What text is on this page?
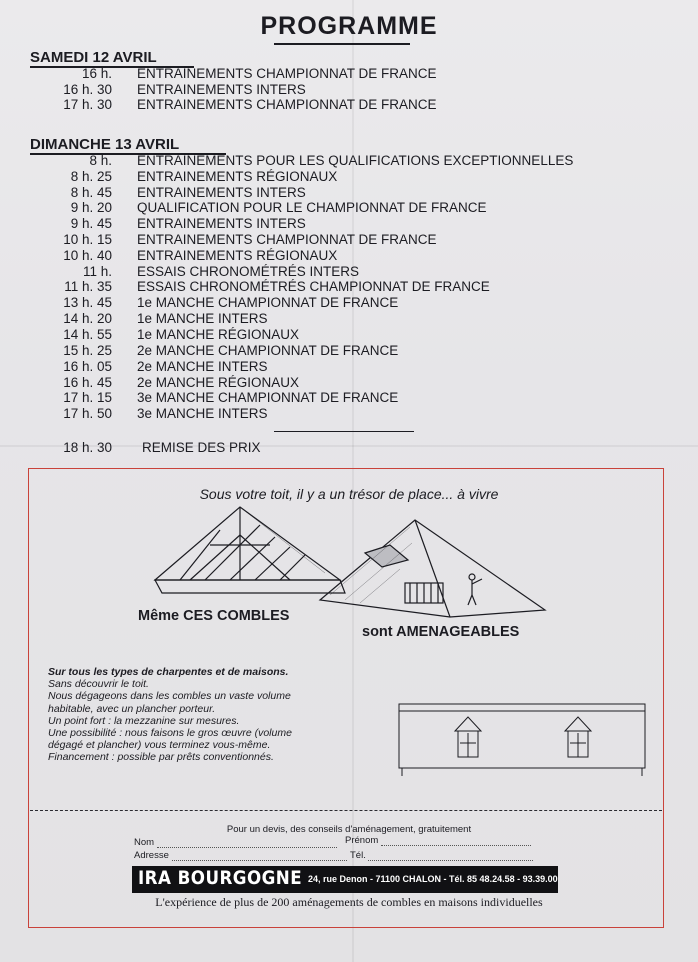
PROGRAMME
SAMEDI 12 AVRIL
16 h. ENTRAINEMENTS CHAMPIONNAT DE FRANCE
16 h. 30 ENTRAINEMENTS INTERS
17 h. 30 ENTRAINEMENTS CHAMPIONNAT DE FRANCE
DIMANCHE 13 AVRIL
8 h. ENTRAINEMENTS POUR LES QUALIFICATIONS EXCEPTIONNELLES
8 h. 25 ENTRAINEMENTS RÉGIONAUX
8 h. 45 ENTRAINEMENTS INTERS
9 h. 20 QUALIFICATION POUR LE CHAMPIONNAT DE FRANCE
9 h. 45 ENTRAINEMENTS INTERS
10 h. 15 ENTRAINEMENTS CHAMPIONNAT DE FRANCE
10 h. 40 ENTRAINEMENTS RÉGIONAUX
11 h. ESSAIS CHRONOMÉTRÉS INTERS
11 h. 35 ESSAIS CHRONOMÉTRÉS CHAMPIONNAT DE FRANCE
13 h. 45 1e MANCHE CHAMPIONNAT DE FRANCE
14 h. 20 1e MANCHE INTERS
14 h. 55 1e MANCHE RÉGIONAUX
15 h. 25 2e MANCHE CHAMPIONNAT DE FRANCE
16 h. 05 2e MANCHE INTERS
16 h. 45 2e MANCHE RÉGIONAUX
17 h. 15 3e MANCHE CHAMPIONNAT DE FRANCE
17 h. 50 3e MANCHE INTERS
18 h. 30 REMISE DES PRIX
Sous votre toit, il y a un trésor de place... à vivre
Même CES COMBLES
sont AMENAGEABLES
Sur tous les types de charpentes et de maisons.
Sans découvrir le toit.
Nous dégageons dans les combles un vaste volume
habitable, avec un plancher porteur.
Un point fort : la mezzanine sur mesures.
Une possibilité : nous faisons le gros œuvre (volume
dégagé et plancher) vous terminez vous-même.
Financement : possible par prêts conventionnés.
Pour un devis, des conseils d'aménagement, gratuitement
Nom	Prénom
Adresse	Tél.
IRA BOURGOGNE 24, rue Denon - 71100 CHALON - Tél. 85 48.24.58 - 93.39.00
L'expérience de plus de 200 aménagements de combles en maisons individuelles
